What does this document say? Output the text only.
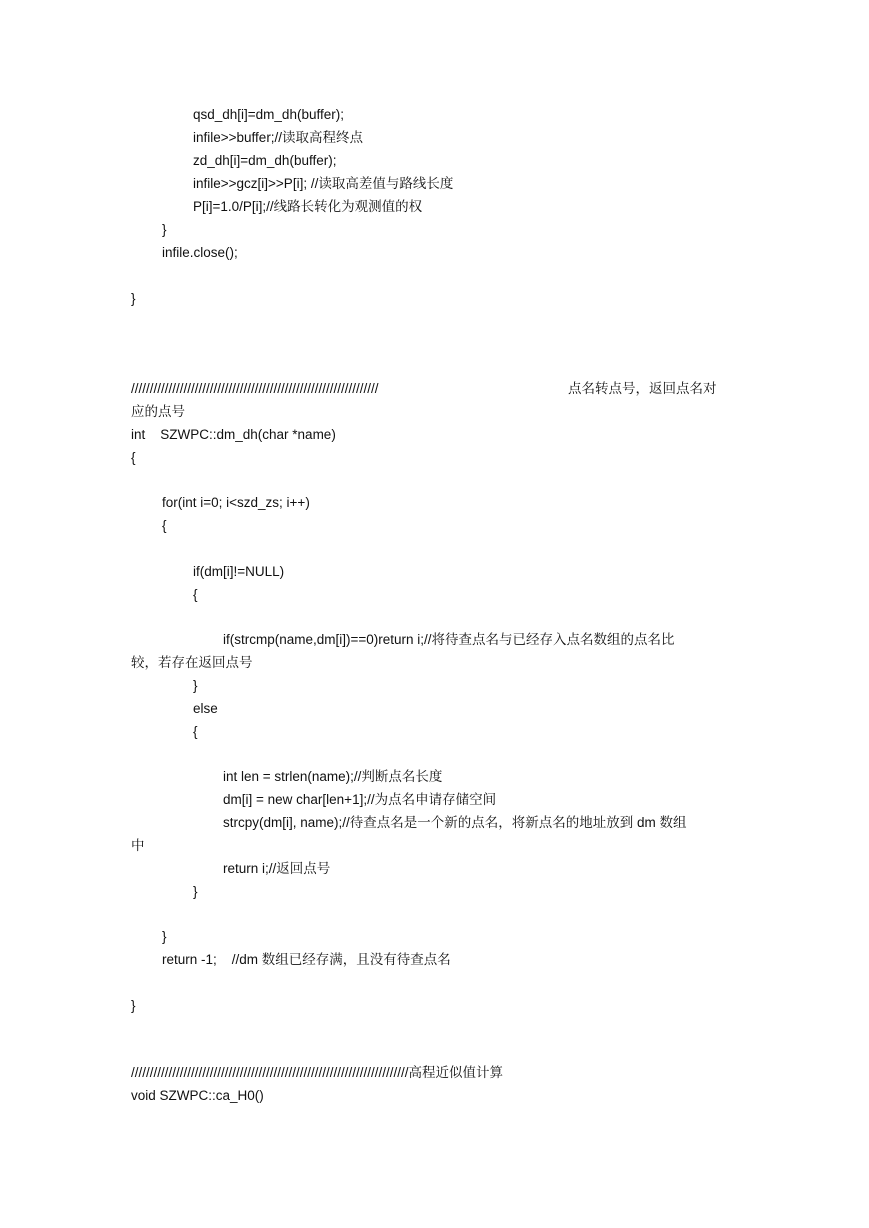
qsd_dh[i]=dm_dh(buffer);
infile>>buffer;//读取高程终点
zd_dh[i]=dm_dh(buffer);
infile>>gcz[i]>>P[i]; //读取高差值与路线长度
P[i]=1.0/P[i];//线路长转化为观测值的权
}
infile.close();
}
//////////////////////////////////////////////////////////////////	点名转点号，返回点名对
应的点号
int    SZWPC::dm_dh(char *name)
{
for(int i=0; i<szd_zs; i++)
{
if(dm[i]!=NULL)
{
if(strcmp(name,dm[i])==0)return i;//将待查点名与已经存入点名数组的点名比
较，若存在返回点号
}
else
{
int len = strlen(name);//判断点名长度
dm[i] = new char[len+1];//为点名申请存储空间
strcpy(dm[i], name);//待查点名是一个新的点名，将新点名的地址放到 dm 数组
中
return i;//返回点号
}
}
return -1;    //dm 数组已经存满，且没有待查点名
}
//////////////////////////////////////////////////////////////////////////高程近似值计算
void SZWPC::ca_H0()
